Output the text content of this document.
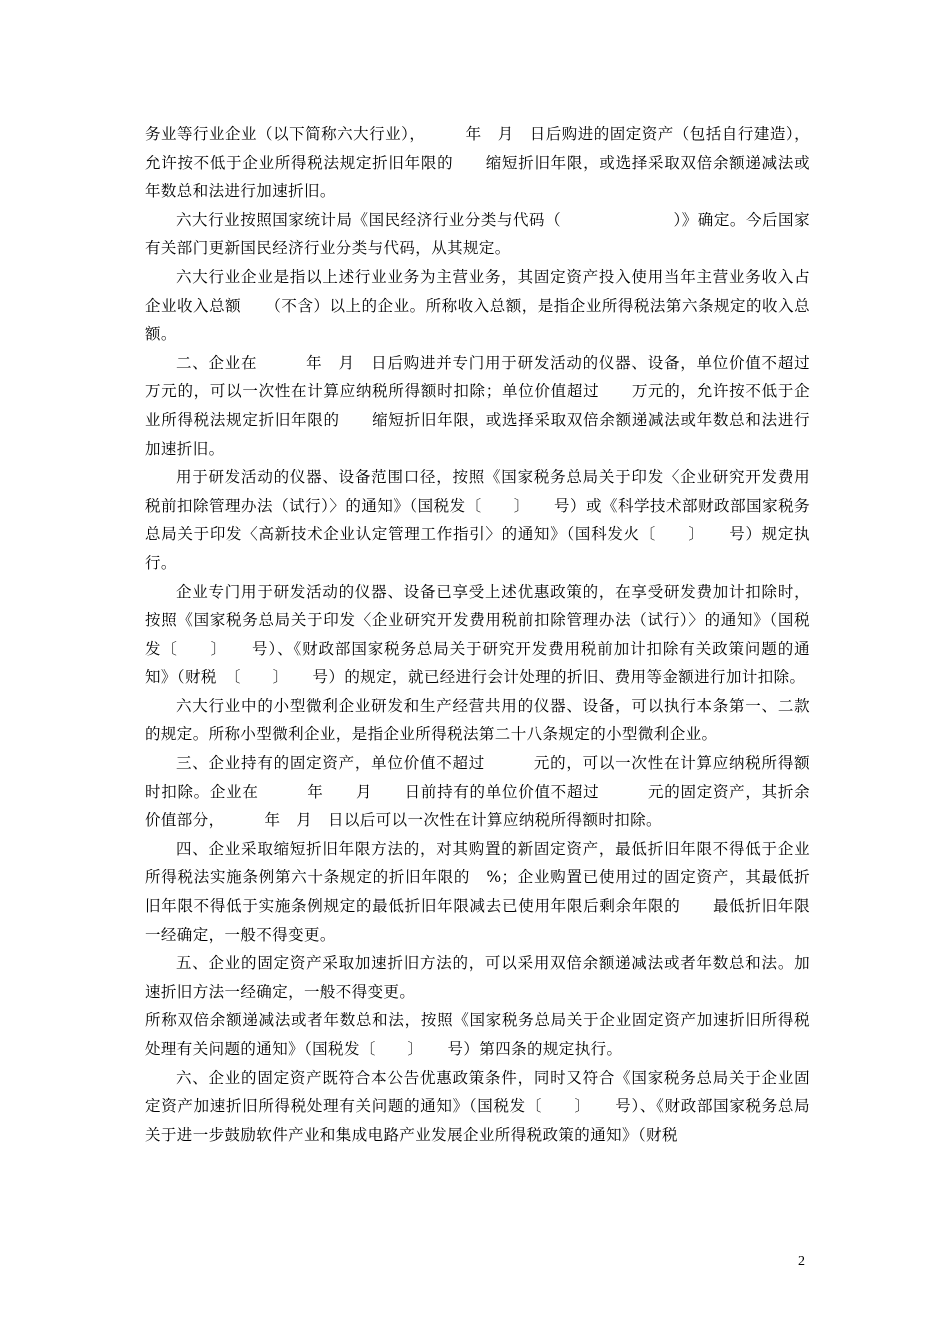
务业等行业企业（以下简称六大行业），　　　年　月　日后购进的固定资产（包括自行建造），允许按不低于企业所得税法规定折旧年限的　　缩短折旧年限，或选择采取双倍余额递减法或年数总和法进行加速折旧。

六大行业按照国家统计局《国民经济行业分类与代码（　　　　　　　）》确定。今后国家有关部门更新国民经济行业分类与代码，从其规定。

六大行业企业是指以上述行业业务为主营业务，其固定资产投入使用当年主营业务收入占企业收入总额　　（不含）以上的企业。所称收入总额，是指企业所得税法第六条规定的收入总额。

二、企业在　　　年　月　日后购进并专门用于研发活动的仪器、设备，单位价值不超过　　万元的，可以一次性在计算应纳税所得额时扣除；单位价值超过　　万元的，允许按不低于企业所得税法规定折旧年限的　　缩短折旧年限，或选择采取双倍余额递减法或年数总和法进行加速折旧。

用于研发活动的仪器、设备范围口径，按照《国家税务总局关于印发〈企业研究开发费用税前扣除管理办法（试行）〉的通知》（国税发〔　　〕　　号）或《科学技术部财政部国家税务总局关于印发〈高新技术企业认定管理工作指引〉的通知》（国科发火〔　　〕　　号）规定执行。

企业专门用于研发活动的仪器、设备已享受上述优惠政策的，在享受研发费加计扣除时，按照《国家税务总局关于印发〈企业研究开发费用税前扣除管理办法（试行）〉的通知》（国税发〔　　〕　　号）、《财政部国家税务总局关于研究开发费用税前加计扣除有关政策问题的通知》（财税　〔　　〕　　号）的规定，就已经进行会计处理的折旧、费用等金额进行加计扣除。

六大行业中的小型微利企业研发和生产经营共用的仪器、设备，可以执行本条第一、二款的规定。所称小型微利企业，是指企业所得税法第二十八条规定的小型微利企业。

三、企业持有的固定资产，单位价值不超过　　　元的，可以一次性在计算应纳税所得额时扣除。企业在　　　年　　月　　日前持有的单位价值不超过　　　元的固定资产，其折余价值部分，　　　年　月　日以后可以一次性在计算应纳税所得额时扣除。

四、企业采取缩短折旧年限方法的，对其购置的新固定资产，最低折旧年限不得低于企业所得税法实施条例第六十条规定的折旧年限的　%；企业购置已使用过的固定资产，其最低折旧年限不得低于实施条例规定的最低折旧年限减去已使用年限后剩余年限的　　最低折旧年限一经确定，一般不得变更。

五、企业的固定资产采取加速折旧方法的，可以采用双倍余额递减法或者年数总和法。加速折旧方法一经确定，一般不得变更。

所称双倍余额递减法或者年数总和法，按照《国家税务总局关于企业固定资产加速折旧所得税处理有关问题的通知》（国税发〔　　〕　　号）第四条的规定执行。

六、企业的固定资产既符合本公告优惠政策条件，同时又符合《国家税务总局关于企业固定资产加速折旧所得税处理有关问题的通知》（国税发〔　　〕　　号）、《财政部国家税务总局关于进一步鼓励软件产业和集成电路产业发展企业所得税政策的通知》（财税

2
